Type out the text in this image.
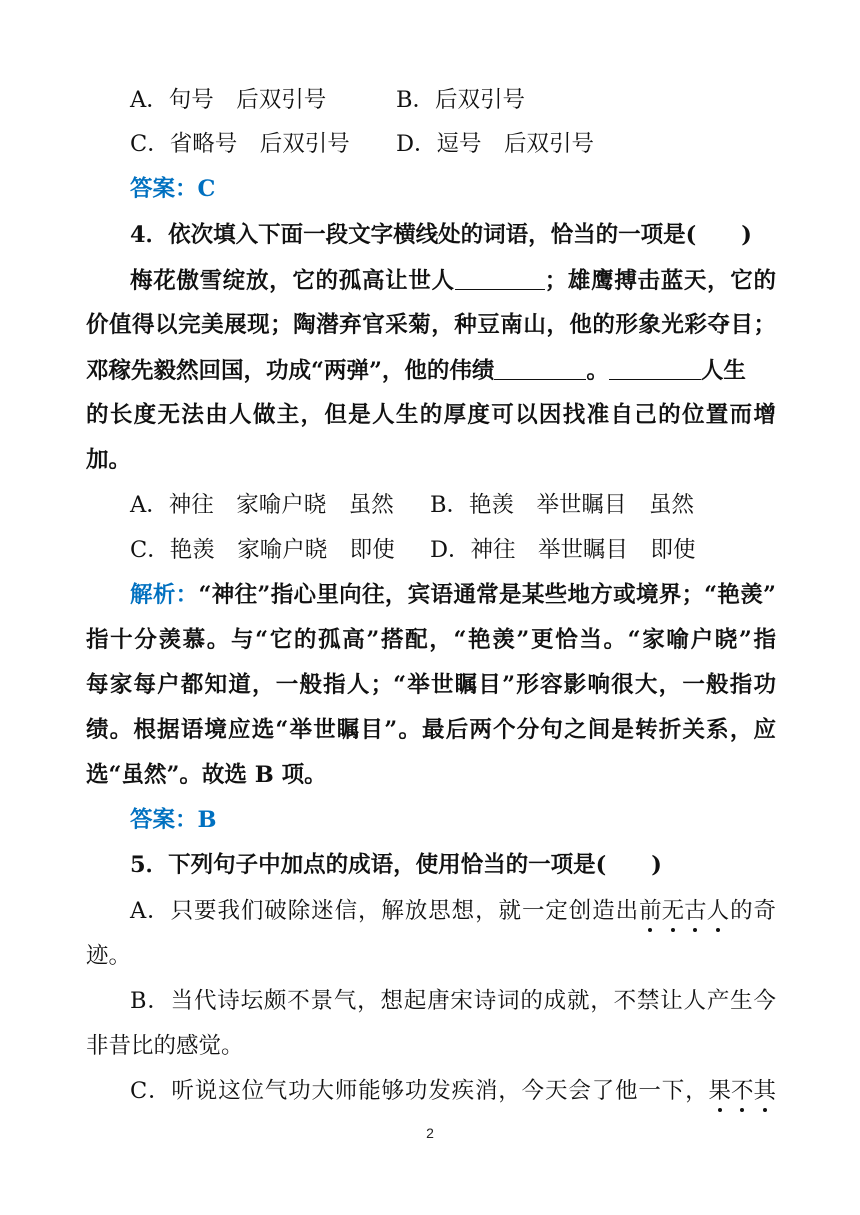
A．句号　后双引号	B．后双引号
C．省略号　后双引号 D．逗号　后双引号
答案：C
4．依次填入下面一段文字横线处的词语，恰当的一项是(　　)
梅花傲雪绽放，它的孤高让世人	；雄鹰搏击蓝天，它的
价值得以完美展现；陶潜弃官采菊，种豆南山，他的形象光彩夺目；
邓稼先毅然回国，功成“两弹”，他的伟绩	。	人生
的长度无法由人做主，但是人生的厚度可以因找准自己的位置而增
加。
A．神往　家喻户晓　虽然 B．艳羡　举世瞩目　虽然
C．艳羡　家喻户晓　即使 D．神往　举世瞩目　即使
解析：“神往”指心里向往，宾语通常是某些地方或境界；“艳羡”
指十分羡慕。与“它的孤高”搭配，“艳羡”更恰当。“家喻户晓”指
每家每户都知道，一般指人；“举世瞩目”形容影响很大，一般指功
绩。根据语境应选“举世瞩目”。最后两个分句之间是转折关系，应
选“虽然”。故选 B 项。
答案：B
5．下列句子中加点的成语，使用恰当的一项是(　　)
A．只要我们破除迷信，解放思想，就一定创造出前无古人的奇
迹。
B．当代诗坛颇不景气，想起唐宋诗词的成就，不禁让人产生今
非昔比的感觉。
C．听说这位气功大师能够功发疾消，今天会了他一下，果不其
2
